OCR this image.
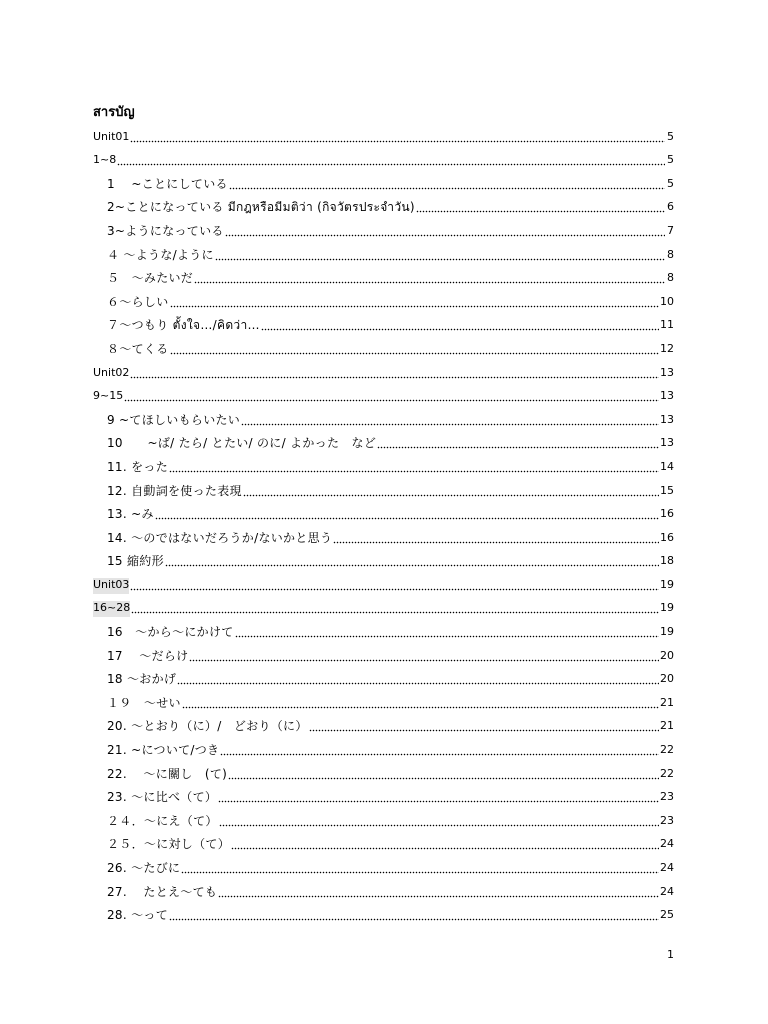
สารบัญ
Unit01	5
1~8	5
1　 ~ことにしている	5
2~ことになっている มีกฎหรือมีมติว่า (กิจวัตรประจำวัน)	6
3~ようになっている	7
４ ～ような/ように	8
５　～みたいだ	8
６～らしい	10
７～つもり ตั้งใจ…/คิดว่า…	11
８～てくる	12
Unit02	13
9~15	13
9 ~てほしいもらいたい	13
10　　~ば/ たら/ とたい/ のに/ よかった　など	13
11. をった	14
12. 自動詞を使った表現	15
13. ~み	16
14. ～のではないだろうか/ないかと思う	16
15 縮約形	18
Unit03	19
16~28	19
16　～から～にかけて	19
17　 ～だらけ	20
18 ～おかげ	20
１９　～せい	21
20. ～とおり（に）/　どおり（に）	21
21. ~について/つき	22
22.　 ～に關し　(て)	22
23. ～に比べ（て）	23
２４．～にえ（て）	23
２５．～に対し（て）	24
26. ～たびに	24
27.　 たとえ～ても	24
28. ～って	25
1
